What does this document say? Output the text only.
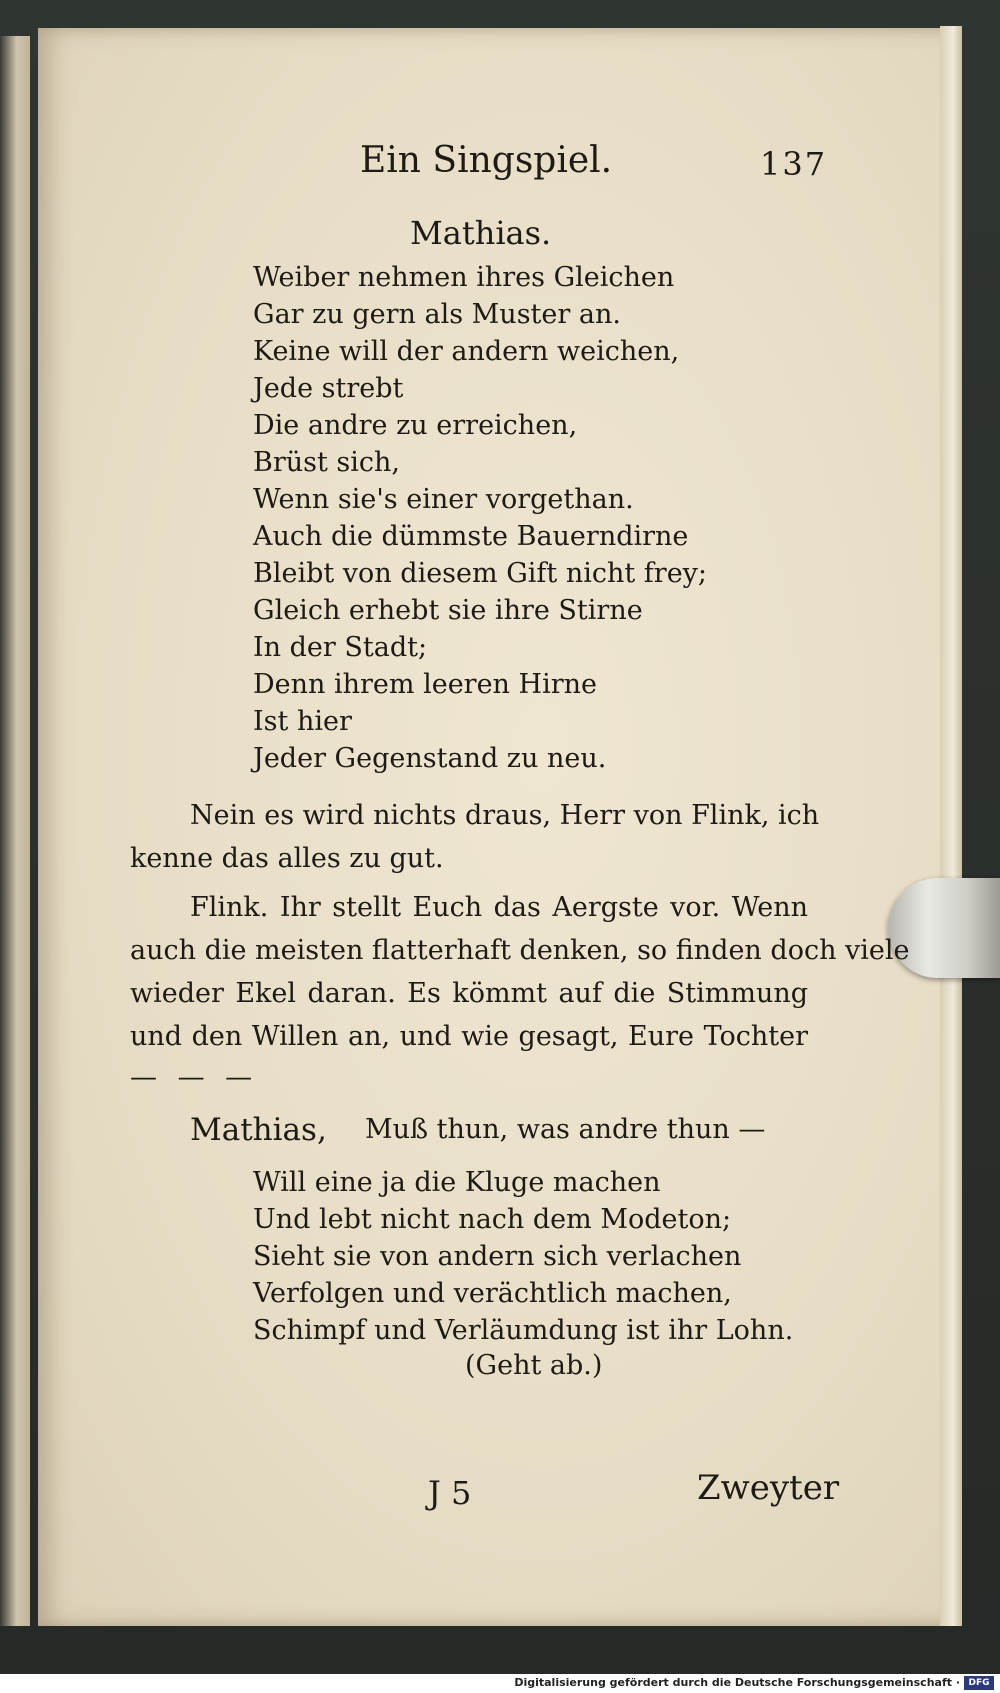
Ein Singspiel.	137
Mathias.
Weiber nehmen ihres Gleichen
Gar zu gern als Muster an.
Keine will der andern weichen,
Jede strebt
Die andre zu erreichen,
Brüst sich,
Wenn sie's einer vorgethan.
Auch die dümmste Bauerndirne
Bleibt von diesem Gift nicht frey;
Gleich erhebt sie ihre Stirne
In der Stadt;
Denn ihrem leeren Hirne
Ist hier
Jeder Gegenstand zu neu.
Nein es wird nichts draus, Herr von Flink, ich
kenne das alles zu gut.
Flink. Ihr stellt Euch das Aergste vor. Wenn
auch die meisten flatterhaft denken, so finden doch viele
wieder Ekel daran. Es kömmt auf die Stimmung
und den Willen an, und wie gesagt, Eure Tochter
— — —
Mathias, Muß thun, was andre thun —
Will eine ja die Kluge machen
Und lebt nicht nach dem Modeton;
Sieht sie von andern sich verlachen
Verfolgen und verächtlich machen,
Schimpf und Verläumdung ist ihr Lohn.
(Geht ab.)
J 5	Zweyter
Digitalisierung gefördert durch die Deutsche Forschungsgemeinschaft · DFG
